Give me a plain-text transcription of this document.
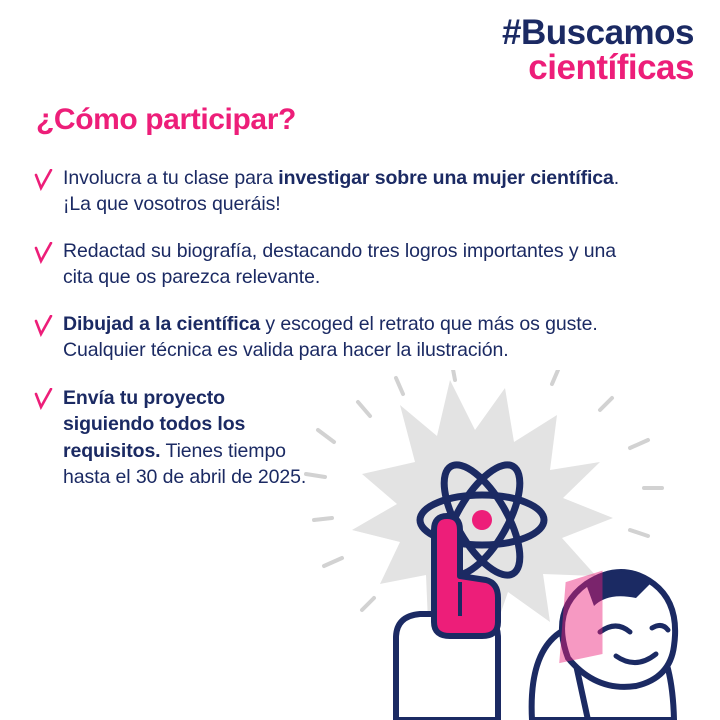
#Buscamos
científicas
¿Cómo participar?
Involucra a tu clase para investigar sobre una mujer científica. ¡La que vosotros queráis!
Redactad su biografía, destacando tres logros importantes y una cita que os parezca relevante.
Dibujad a la científica y escoged el retrato que más os guste. Cualquier técnica es valida para hacer la ilustración.
Envía tu proyecto siguiendo todos los requisitos. Tienes tiempo hasta el 30 de abril de 2025.
